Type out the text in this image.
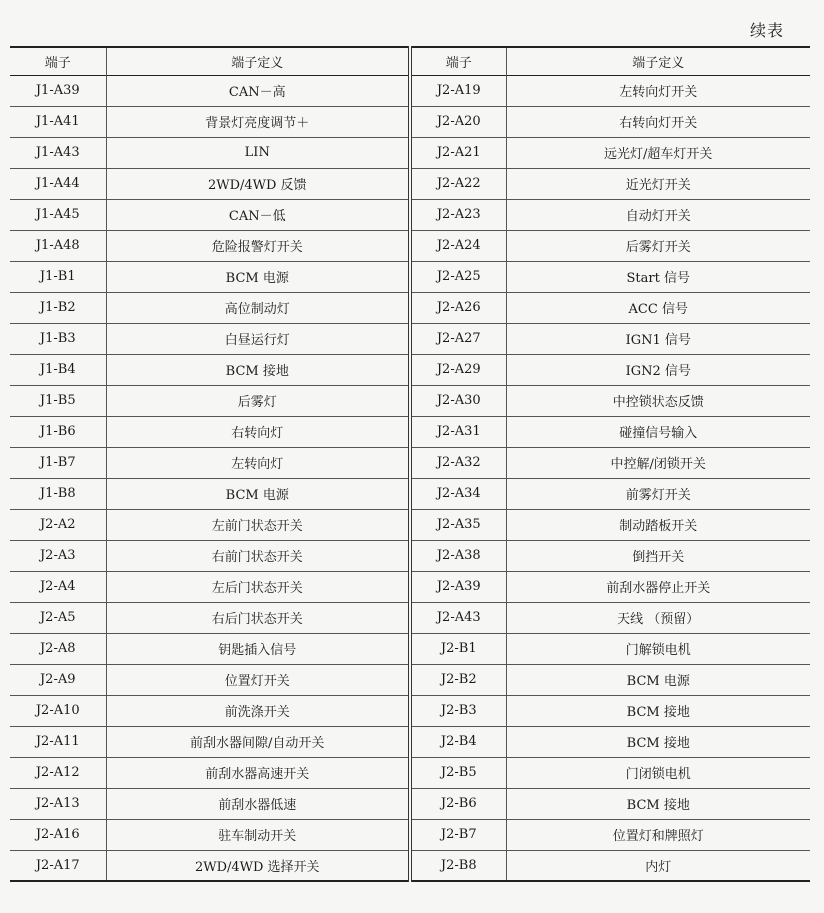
续表
端子	端子定义	端子	端子定义
J1-A39	CAN－高	J2-A19	左转向灯开关
J1-A41	背景灯亮度调节＋	J2-A20	右转向灯开关
J1-A43	LIN	J2-A21	远光灯/超车灯开关
J1-A44	2WD/4WD 反馈	J2-A22	近光灯开关
J1-A45	CAN－低	J2-A23	自动灯开关
J1-A48	危险报警灯开关	J2-A24	后雾灯开关
J1-B1	BCM 电源	J2-A25	Start 信号
J1-B2	高位制动灯	J2-A26	ACC 信号
J1-B3	白昼运行灯	J2-A27	IGN1 信号
J1-B4	BCM 接地	J2-A29	IGN2 信号
J1-B5	后雾灯	J2-A30	中控锁状态反馈
J1-B6	右转向灯	J2-A31	碰撞信号输入
J1-B7	左转向灯	J2-A32	中控解/闭锁开关
J1-B8	BCM 电源	J2-A34	前雾灯开关
J2-A2	左前门状态开关	J2-A35	制动踏板开关
J2-A3	右前门状态开关	J2-A38	倒挡开关
J2-A4	左后门状态开关	J2-A39	前刮水器停止开关
J2-A5	右后门状态开关	J2-A43	天线 （预留）
J2-A8	钥匙插入信号	J2-B1	门解锁电机
J2-A9	位置灯开关	J2-B2	BCM 电源
J2-A10	前洗涤开关	J2-B3	BCM 接地
J2-A11	前刮水器间隙/自动开关	J2-B4	BCM 接地
J2-A12	前刮水器高速开关	J2-B5	门闭锁电机
J2-A13	前刮水器低速	J2-B6	BCM 接地
J2-A16	驻车制动开关	J2-B7	位置灯和牌照灯
J2-A17	2WD/4WD 选择开关	J2-B8	内灯
